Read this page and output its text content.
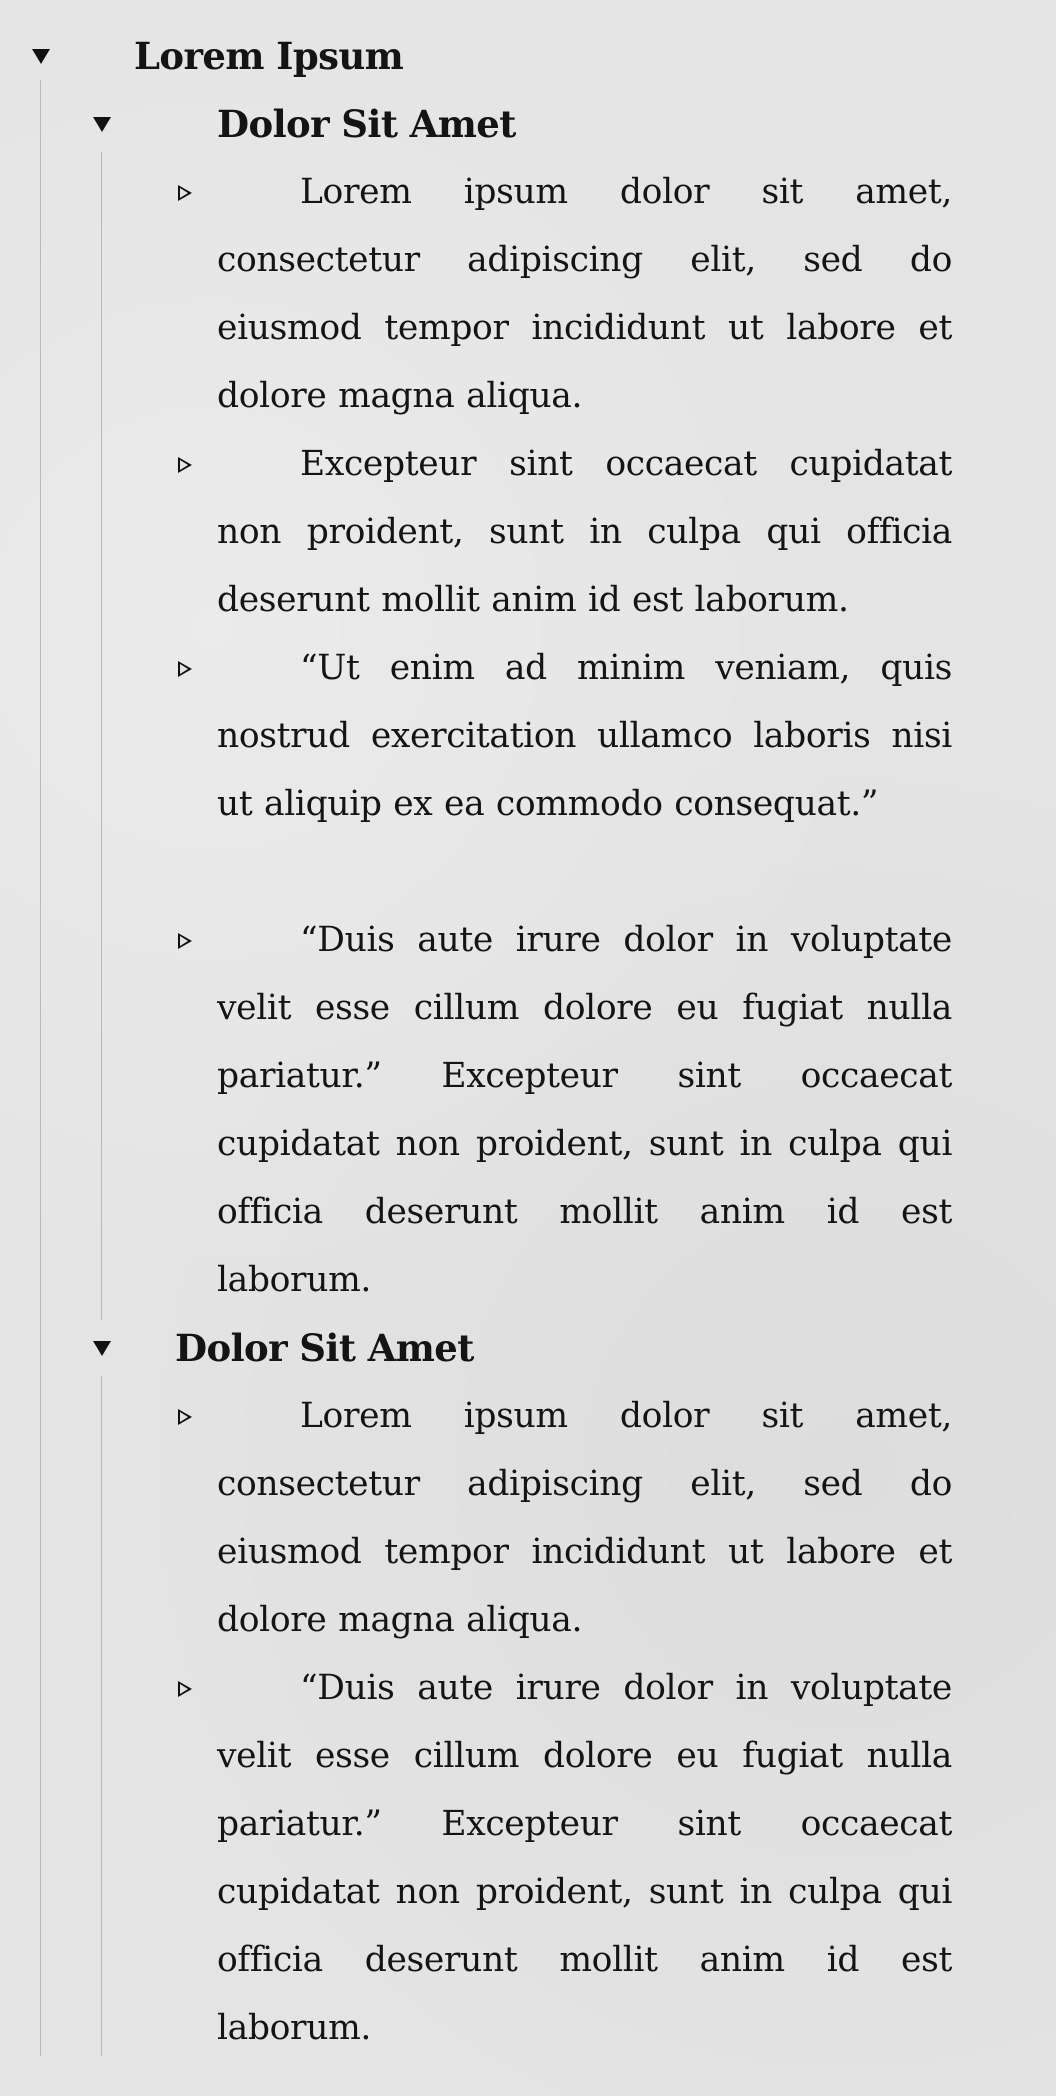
Lorem Ipsum
Dolor Sit Amet
Lorem ipsum dolor sit amet, consectetur adipiscing elit, sed do eiusmod tempor incididunt ut labore et dolore magna aliqua.
Excepteur sint occaecat cupidatat non proident, sunt in culpa qui officia deserunt mollit anim id est laborum.
“Ut enim ad minim veniam, quis nostrud exercitation ullamco laboris nisi ut aliquip ex ea commodo consequat.”
“Duis aute irure dolor in voluptate velit esse cillum dolore eu fugiat nulla pariatur.” Excepteur sint occaecat cupidatat non proident, sunt in culpa qui officia deserunt mollit anim id est laborum.
Dolor Sit Amet
Lorem ipsum dolor sit amet, consectetur adipiscing elit, sed do eiusmod tempor incididunt ut labore et dolore magna aliqua.
“Duis aute irure dolor in voluptate velit esse cillum dolore eu fugiat nulla pariatur.” Excepteur sint occaecat cupidatat non proident, sunt in culpa qui officia deserunt mollit anim id est laborum.
